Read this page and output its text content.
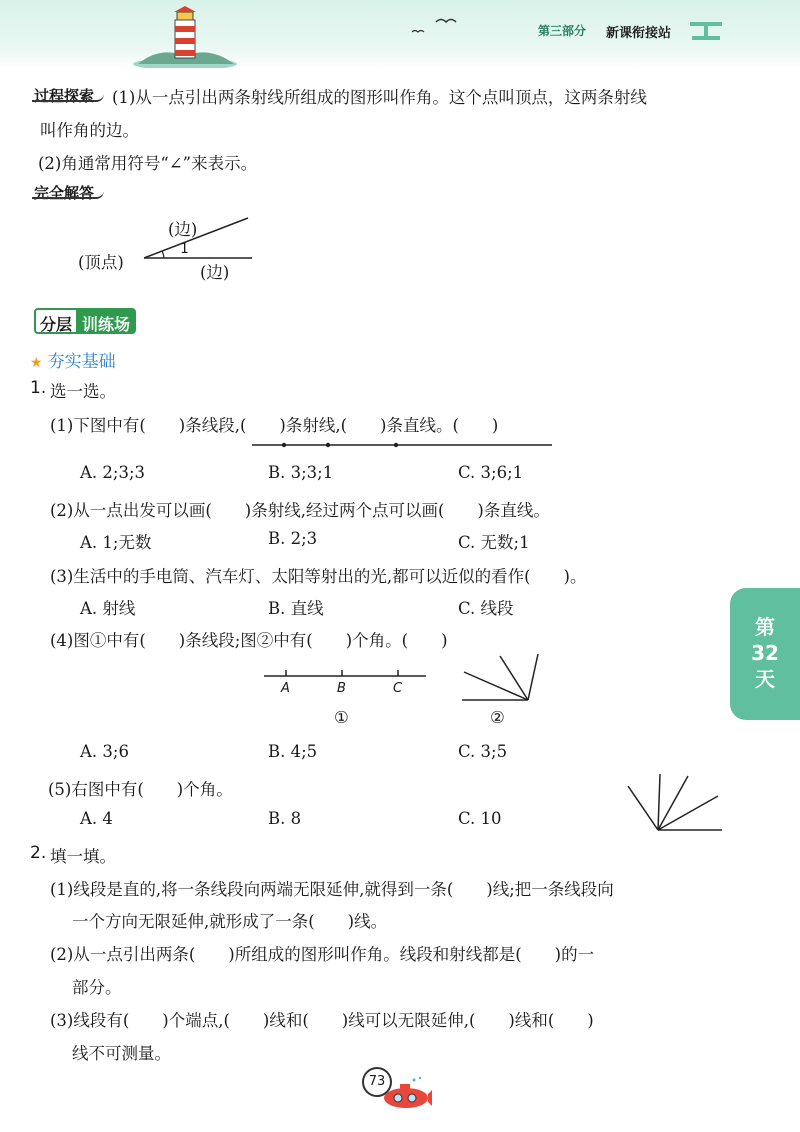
第三部分 新课衔接站
过程探索 (1)从一点引出两条射线所组成的图形叫作角。这个点叫顶点，这两条射线
叫作角的边。
(2)角通常用符号“∠”来表示。
完全解答
(边)
(顶点)
1
(边)
分层 训练场
★ 夯实基础
第
32
天
1. 选一选。
(1)下图中有(　　)条线段,(　　)条射线,(　　)条直线。(　　)
A. 2;3;3	B. 3;3;1	C. 3;6;1
(2)从一点出发可以画(　　)条射线,经过两个点可以画(　　)条直线。
A. 1;无数	B. 2;3	C. 无数;1
(3)生活中的手电筒、汽车灯、太阳等射出的光,都可以近似的看作(　　)。
A. 射线	B. 直线	C. 线段
(4)图①中有(　　)条线段;图②中有(　　)个角。(　　)
A	B	C
①	②
A. 3;6	B. 4;5	C. 3;5
(5)右图中有(　　)个角。
A. 4	B. 8	C. 10
2. 填一填。
(1)线段是直的,将一条线段向两端无限延伸,就得到一条(　　)线;把一条线段向
一个方向无限延伸,就形成了一条(　　)线。
(2)从一点引出两条(　　)所组成的图形叫作角。线段和射线都是(　　)的一
部分。
(3)线段有(　　)个端点,(　　)线和(　　)线可以无限延伸,(　　)线和(　　)
线不可测量。
73
